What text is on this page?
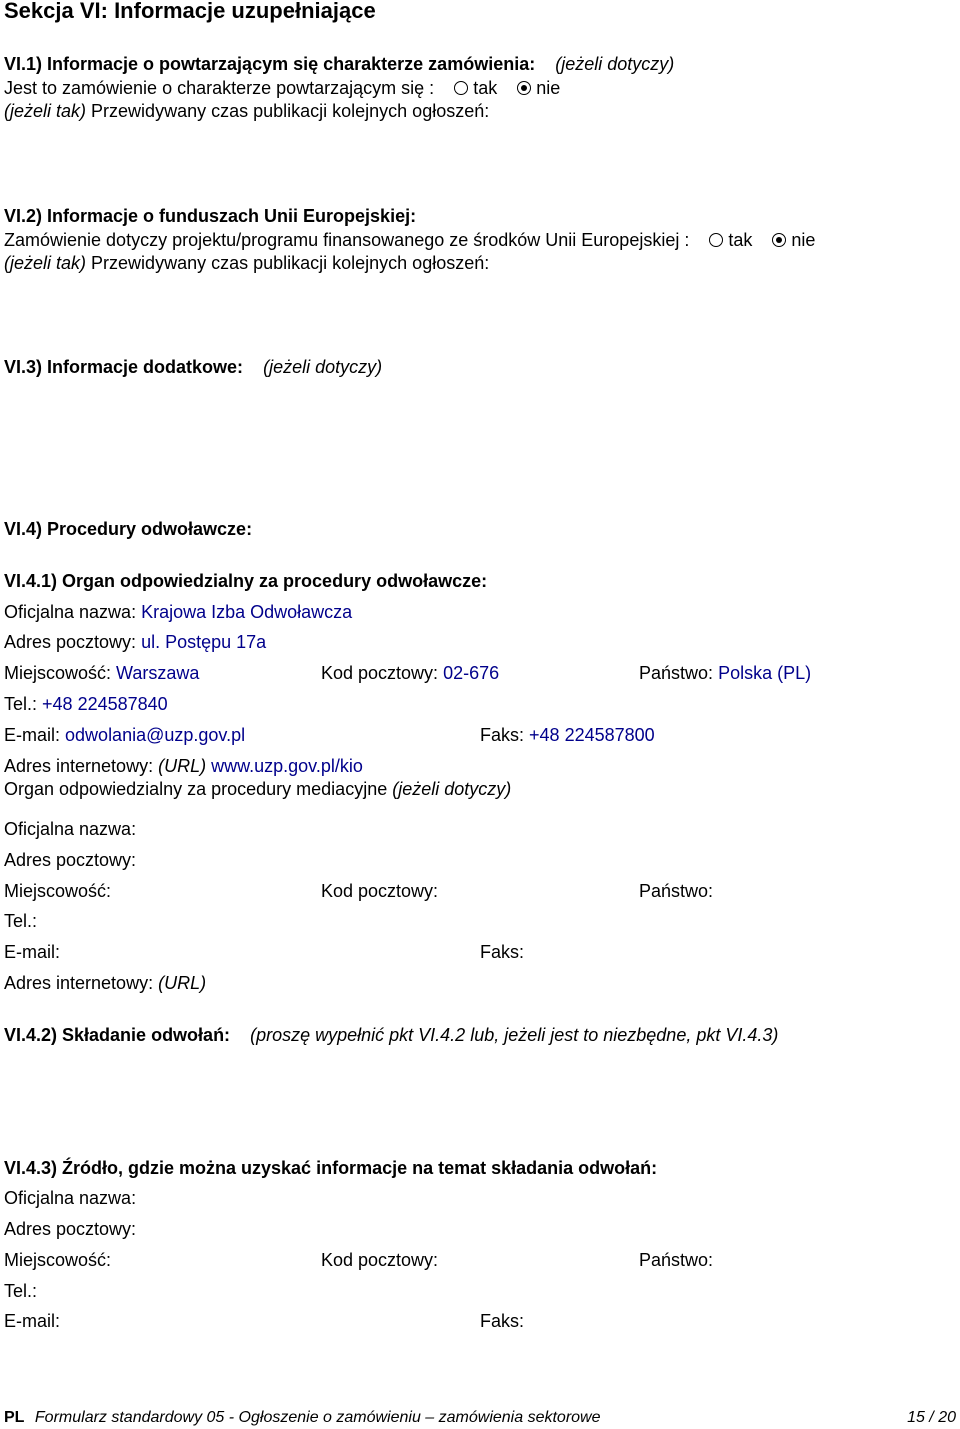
Sekcja VI: Informacje uzupełniające
VI.1) Informacje o powtarzającym się charakterze zamówienia: (jeżeli dotyczy)
Jest to zamówienie o charakterze powtarzającym się : tak nie
(jeżeli tak) Przewidywany czas publikacji kolejnych ogłoszeń:
VI.2) Informacje o funduszach Unii Europejskiej:
Zamówienie dotyczy projektu/programu finansowanego ze środków Unii Europejskiej : tak nie
(jeżeli tak) Przewidywany czas publikacji kolejnych ogłoszeń:
VI.3) Informacje dodatkowe: (jeżeli dotyczy)
VI.4) Procedury odwoławcze:
VI.4.1) Organ odpowiedzialny za procedury odwoławcze:
Oficjalna nazwa: Krajowa Izba Odwoławcza
Adres pocztowy: ul. Postępu 17a
Miejscowość: Warszawa	Kod pocztowy: 02-676	Państwo: Polska (PL)
Tel.: +48 224587840
E-mail: odwolania@uzp.gov.pl	Faks: +48 224587800
Adres internetowy: (URL) www.uzp.gov.pl/kio
Organ odpowiedzialny za procedury mediacyjne (jeżeli dotyczy)
Oficjalna nazwa:
Adres pocztowy:
Miejscowość:	Kod pocztowy:	Państwo:
Tel.:
E-mail:	Faks:
Adres internetowy: (URL)
VI.4.2) Składanie odwołań: (proszę wypełnić pkt VI.4.2 lub, jeżeli jest to niezbędne, pkt VI.4.3)
VI.4.3) Źródło, gdzie można uzyskać informacje na temat składania odwołań:
Oficjalna nazwa:
Adres pocztowy:
Miejscowość:	Kod pocztowy:	Państwo:
Tel.:
E-mail:	Faks:
PL Formularz standardowy 05 - Ogłoszenie o zamówieniu – zamówienia sektorowe	15 / 20
